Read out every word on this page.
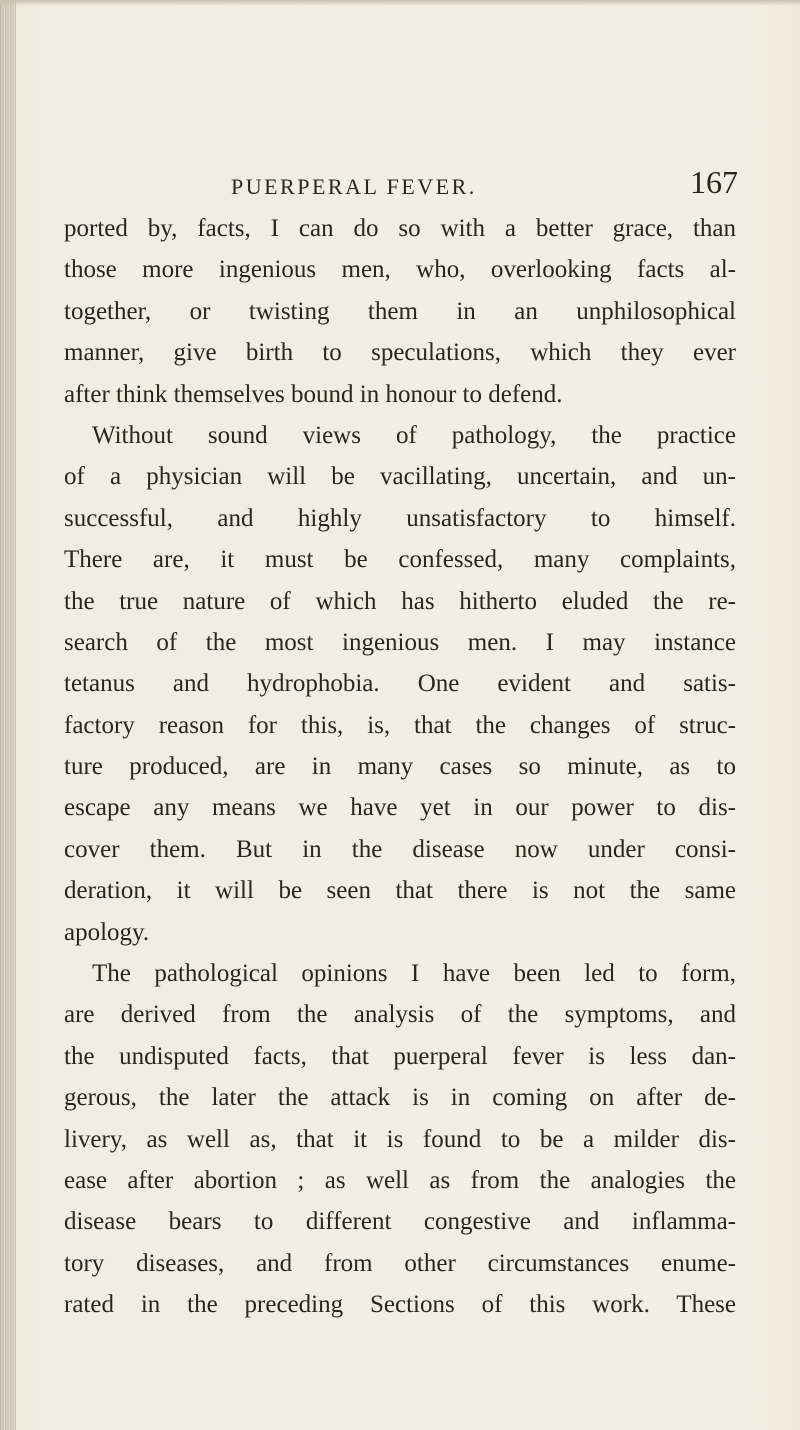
PUERPERAL FEVER.	167
ported by, facts, I can do so with a better grace, than
those more ingenious men, who, overlooking facts al-
together, or twisting them in an unphilosophical
manner, give birth to speculations, which they ever
after think themselves bound in honour to defend.
Without sound views of pathology, the practice
of a physician will be vacillating, uncertain, and un-
successful, and highly unsatisfactory to himself.
There are, it must be confessed, many complaints,
the true nature of which has hitherto eluded the re-
search of the most ingenious men. I may instance
tetanus and hydrophobia. One evident and satis-
factory reason for this, is, that the changes of struc-
ture produced, are in many cases so minute, as to
escape any means we have yet in our power to dis-
cover them. But in the disease now under consi-
deration, it will be seen that there is not the same
apology.
The pathological opinions I have been led to form,
are derived from the analysis of the symptoms, and
the undisputed facts, that puerperal fever is less dan-
gerous, the later the attack is in coming on after de-
livery, as well as, that it is found to be a milder dis-
ease after abortion ; as well as from the analogies the
disease bears to different congestive and inflamma-
tory diseases, and from other circumstances enume-
rated in the preceding Sections of this work. These
